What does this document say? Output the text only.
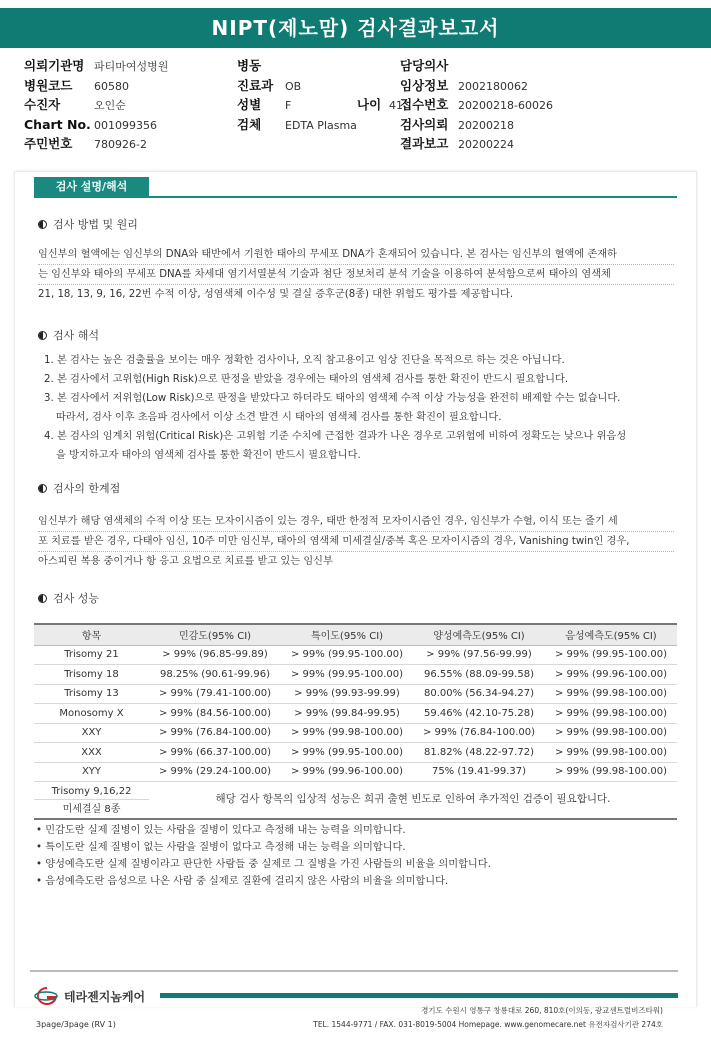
NIPT(제노맘) 검사결과보고서
의뢰기관명 파티마여성병원
병원코드 60580
수진자	오인순
Chart No. 001099356
주민번호 780926-2
병동
진료과 OB
성별 F	나이 41
검체 EDTA Plasma
담당의사
임상정보 2002180062
접수번호 20200218-60026
검사의뢰 20200218
결과보고 20200224
검사 설명/해석
검사 방법 및 원리
임신부의 혈액에는 임신부의 DNA와 태반에서 기원한 태아의 무세포 DNA가 혼재되어 있습니다. 본 검사는 임신부의 혈액에 존재하
는 임신부와 태아의 무세포 DNA를 차세대 염기서열분석 기술과 첨단 정보처리 분석 기술을 이용하여 분석함으로써 태아의 염색체
21, 18, 13, 9, 16, 22번 수적 이상, 성염색체 이수성 및 결실 증후군(8종) 대한 위험도 평가를 제공합니다.
검사 해석
1. 본 검사는 높은 검출률을 보이는 매우 정확한 검사이나, 오직 참고용이고 임상 진단을 목적으로 하는 것은 아닙니다.
2. 본 검사에서 고위험(High Risk)으로 판정을 받았을 경우에는 태아의 염색체 검사를 통한 확진이 반드시 필요합니다.
3. 본 검사에서 저위험(Low Risk)으로 판정을 받았다고 하더라도 태아의 염색체 수적 이상 가능성을 완전히 배제할 수는 없습니다.
따라서, 검사 이후 초음파 검사에서 이상 소견 발견 시 태아의 염색체 검사를 통한 확진이 필요합니다.
4. 본 검사의 임계치 위험(Critical Risk)은 고위험 기준 수치에 근접한 결과가 나온 경우로 고위험에 비하여 정확도는 낮으나 위음성
을 방지하고자 태아의 염색체 검사를 통한 확진이 반드시 필요합니다.
검사의 한계점
임신부가 해당 염색체의 수적 이상 또는 모자이시즘이 있는 경우, 태반 한정적 모자이시즘인 경우, 임신부가 수혈, 이식 또는 줄기 세
포 치료를 받은 경우, 다태아 임신, 10주 미만 임신부, 태아의 염색체 미세결실/중복 혹은 모자이시즘의 경우, Vanishing twin인 경우,
아스피린 복용 중이거나 항 응고 요법으로 치료를 받고 있는 임신부
검사 성능
항목	민감도(95% CI)	특이도(95% CI)	양성예측도(95% CI)	음성예측도(95% CI)
Trisomy 21	> 99% (96.85-99.89)	> 99% (99.95-100.00)	> 99% (97.56-99.99)	> 99% (99.95-100.00)
Trisomy 18	98.25% (90.61-99.96)	> 99% (99.95-100.00)	96.55% (88.09-99.58)	> 99% (99.96-100.00)
Trisomy 13	> 99% (79.41-100.00)	> 99% (99.93-99.99)	80.00% (56.34-94.27)	> 99% (99.98-100.00)
Monosomy X	> 99% (84.56-100.00)	> 99% (99.84-99.95)	59.46% (42.10-75.28)	> 99% (99.98-100.00)
XXY	> 99% (76.84-100.00)	> 99% (99.98-100.00)	> 99% (76.84-100.00)	> 99% (99.98-100.00)
XXX	> 99% (66.37-100.00)	> 99% (99.95-100.00)	81.82% (48.22-97.72)	> 99% (99.98-100.00)
XYY	> 99% (29.24-100.00)	> 99% (99.96-100.00)	75% (19.41-99.37)	> 99% (99.98-100.00)
Trisomy 9,16,22
미세결실 8종
해당 검사 항목의 임상적 성능은 희귀 출현 빈도로 인하여 추가적인 검증이 필요합니다.
• 민감도란 실제 질병이 있는 사람을 질병이 있다고 측정해 내는 능력을 의미합니다.
• 특이도란 실제 질병이 없는 사람을 질병이 없다고 측정해 내는 능력을 의미합니다.
• 양성예측도란 실제 질병이라고 판단한 사람들 중 실제로 그 질병을 가진 사람들의 비율을 의미합니다.
• 음성예측도란 음성으로 나온 사람 중 실제로 질환에 걸리지 않은 사람의 비율을 의미합니다.
테라젠지놈케어
경기도 수원시 영통구 창룡대로 260, 810호(이의동, 광교센트럴비즈타워)
TEL. 1544-9771 / FAX. 031-8019-5004 Homepage. www.genomecare.net 유전자검사기관 274호
3page/3page (RV 1)
